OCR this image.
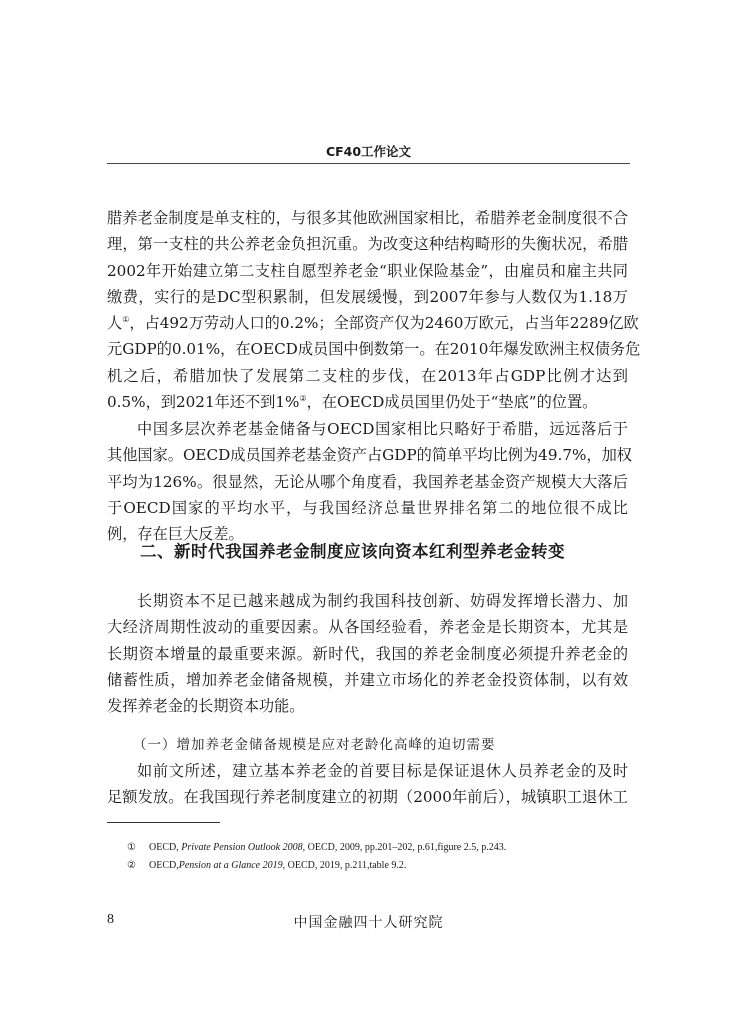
CF40工作论文
腊养老金制度是单支柱的，与很多其他欧洲国家相比，希腊养老金制度很不合
理，第一支柱的共公养老金负担沉重。为改变这种结构畸形的失衡状况，希腊
2002年开始建立第二支柱自愿型养老金“职业保险基金”，由雇员和雇主共同
缴费，实行的是DC型积累制，但发展缓慢，到2007年参与人数仅为1.18万
人①，占492万劳动人口的0.2%；全部资产仅为2460万欧元，占当年2289亿欧
元GDP的0.01%，在OECD成员国中倒数第一。在2010年爆发欧洲主权债务危
机之后，希腊加快了发展第二支柱的步伐，在2013年占GDP比例才达到
0.5%，到2021年还不到1%②，在OECD成员国里仍处于“垫底”的位置。
中国多层次养老基金储备与OECD国家相比只略好于希腊，远远落后于
其他国家。OECD成员国养老基金资产占GDP的简单平均比例为49.7%，加权
平均为126%。很显然，无论从哪个角度看，我国养老基金资产规模大大落后
于OECD国家的平均水平，与我国经济总量世界排名第二的地位很不成比
例，存在巨大反差。
二、新时代我国养老金制度应该向资本红利型养老金转变
长期资本不足已越来越成为制约我国科技创新、妨碍发挥增长潜力、加
大经济周期性波动的重要因素。从各国经验看，养老金是长期资本，尤其是
长期资本增量的最重要来源。新时代，我国的养老金制度必须提升养老金的
储蓄性质，增加养老金储备规模，并建立市场化的养老金投资体制，以有效
发挥养老金的长期资本功能。
（一）增加养老金储备规模是应对老龄化高峰的迫切需要
如前文所述，建立基本养老金的首要目标是保证退休人员养老金的及时
足额发放。在我国现行养老制度建立的初期（2000年前后），城镇职工退休工
① OECD, Private Pension Outlook 2008, OECD, 2009, pp.201–202, p.61,figure 2.5, p.243.
② OECD,Pension at a Glance 2019, OECD, 2019, p.211,table 9.2.
8	中国金融四十人研究院
